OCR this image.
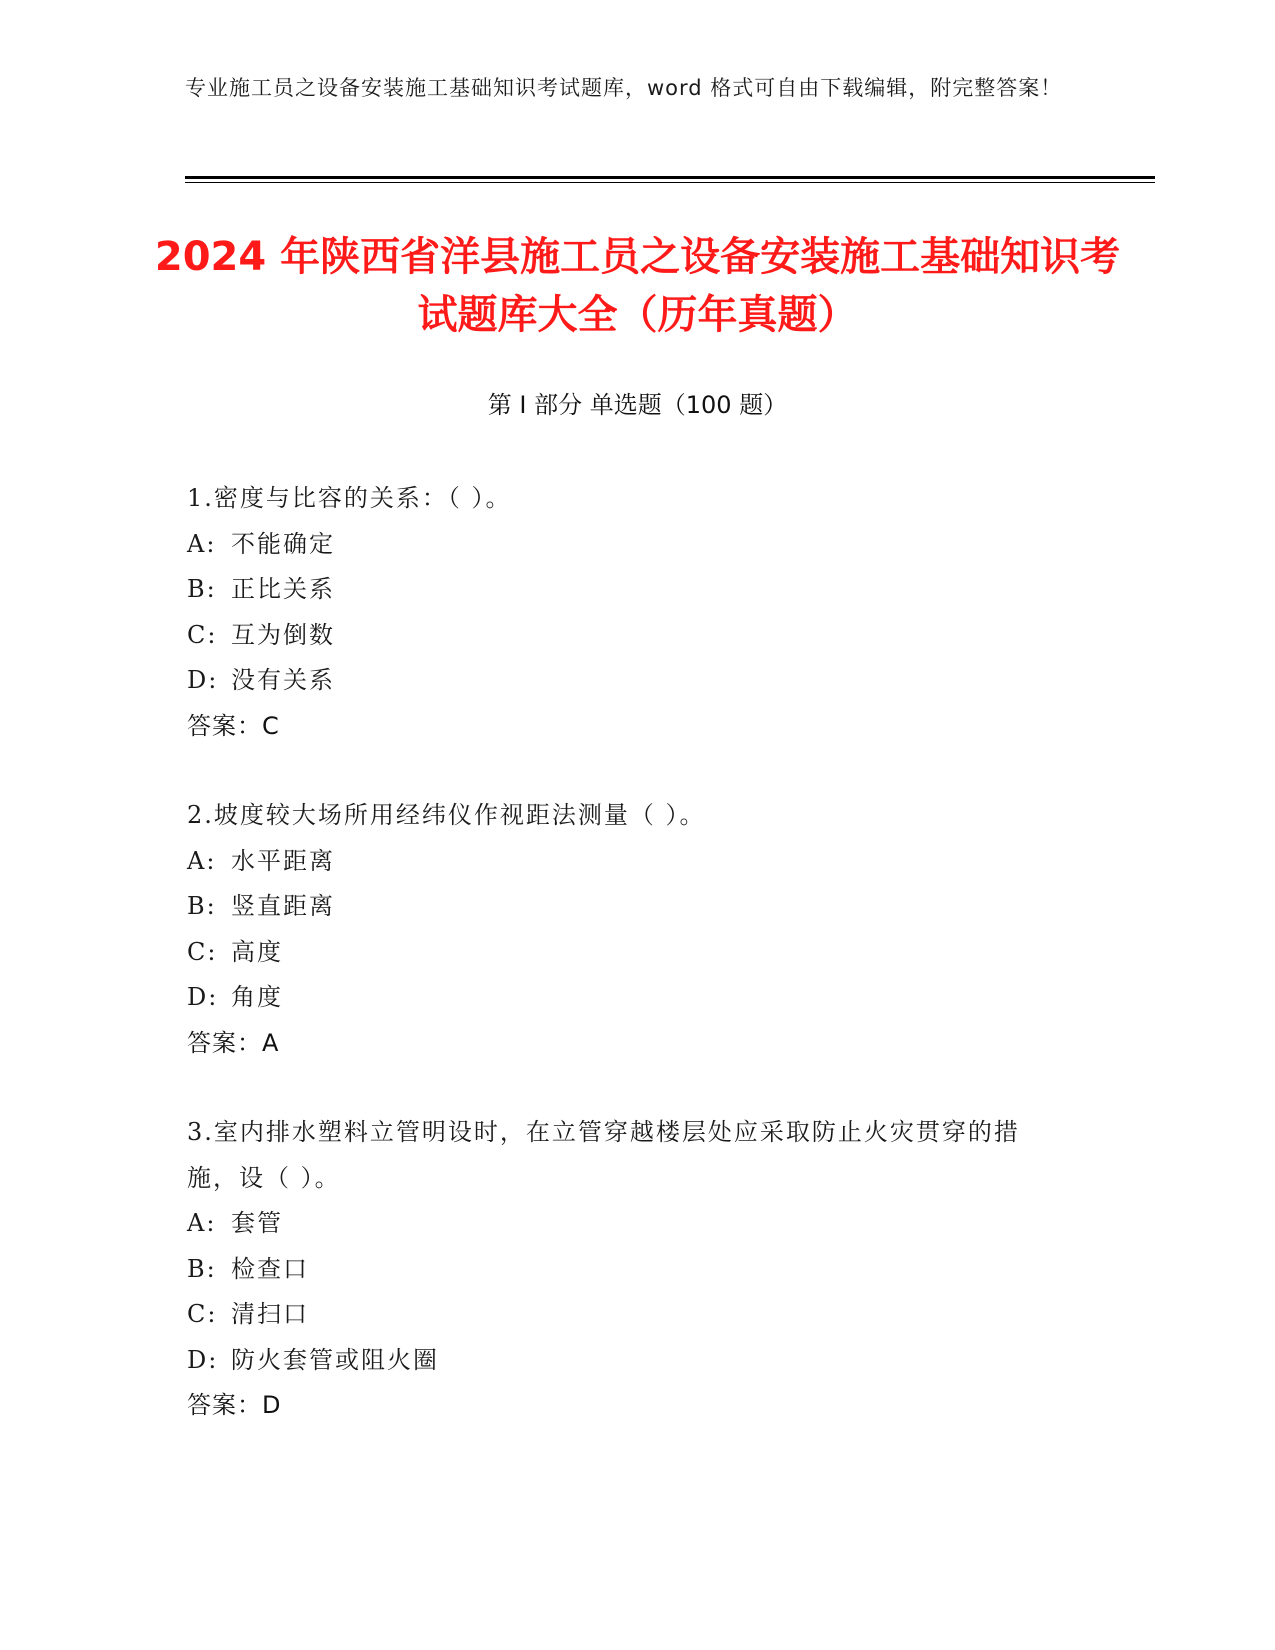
专业施工员之设备安装施工基础知识考试题库，word 格式可自由下载编辑，附完整答案！
2024 年陕西省洋县施工员之设备安装施工基础知识考试题库大全（历年真题）
第 I 部分 单选题（100 题）
1.密度与比容的关系：（ ）。
A: 不能确定
B: 正比关系
C: 互为倒数
D: 没有关系
答案：C
2.坡度较大场所用经纬仪作视距法测量（ ）。
A: 水平距离
B: 竖直距离
C: 高度
D: 角度
答案：A
3.室内排水塑料立管明设时，在立管穿越楼层处应采取防止火灾贯穿的措施，设（ ）。
A: 套管
B: 检查口
C: 清扫口
D: 防火套管或阻火圈
答案：D
